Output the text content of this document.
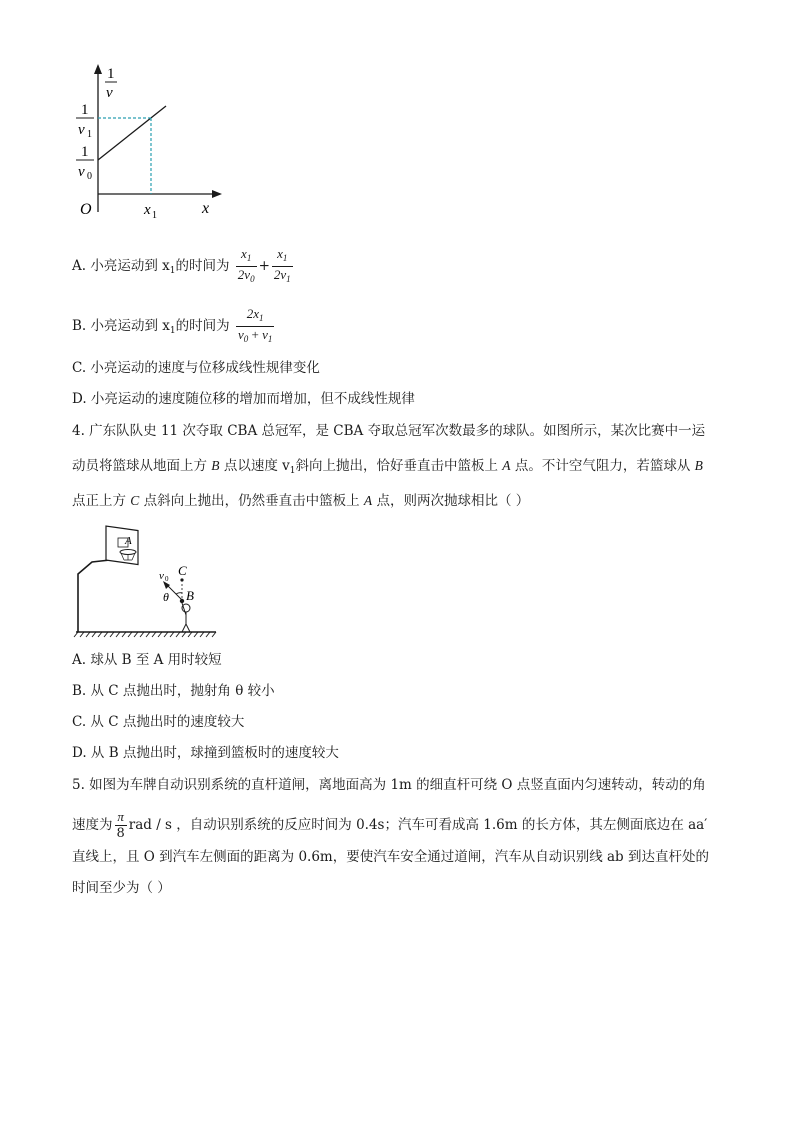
1
v
1
v 1
1
v 0
O	x 1	x
A. 小亮运动到 $x_1$的时间为 $\frac{x_1}{2v_0} + \frac{x_1}{2v_1}$
B. 小亮运动到 $x_1$的时间为 $\frac{2x_1}{v_0 + v_1}$
C. 小亮运动的速度与位移成线性规律变化
D. 小亮运动的速度随位移的增加而增加，但不成线性规律
4. 广东队队史 11 次夺取 CBA 总冠军，是 CBA 夺取总冠军次数最多的球队。如图所示，某次比赛中一运
动员将篮球从地面上方 B 点以速度 $v_1$斜向上抛出，恰好垂直击中篮板上 A 点。不计空气阻力，若篮球从 B
点正上方 C 点斜向上抛出，仍然垂直击中篮板上 A 点，则两次抛球相比（ ）
A
C
v 0
θ B
A. 球从 B 至 A 用时较短
B. 从 C 点抛出时，抛射角 θ 较小
C. 从 C 点抛出时的速度较大
D. 从 B 点抛出时，球撞到篮板时的速度较大
5. 如图为车牌自动识别系统的直杆道闸，离地面高为 1m 的细直杆可绕 O 点竖直面内匀速转动，转动的角
速度为 $\frac{\pi}{8}$ rad / s ，自动识别系统的反应时间为 0.4s；汽车可看成高 1.6m 的长方体，其左侧面底边在 aa′
直线上，且 O 到汽车左侧面的距离为 0.6m，要使汽车安全通过道闸，汽车从自动识别线 ab 到达直杆处的
时间至少为（ ）
